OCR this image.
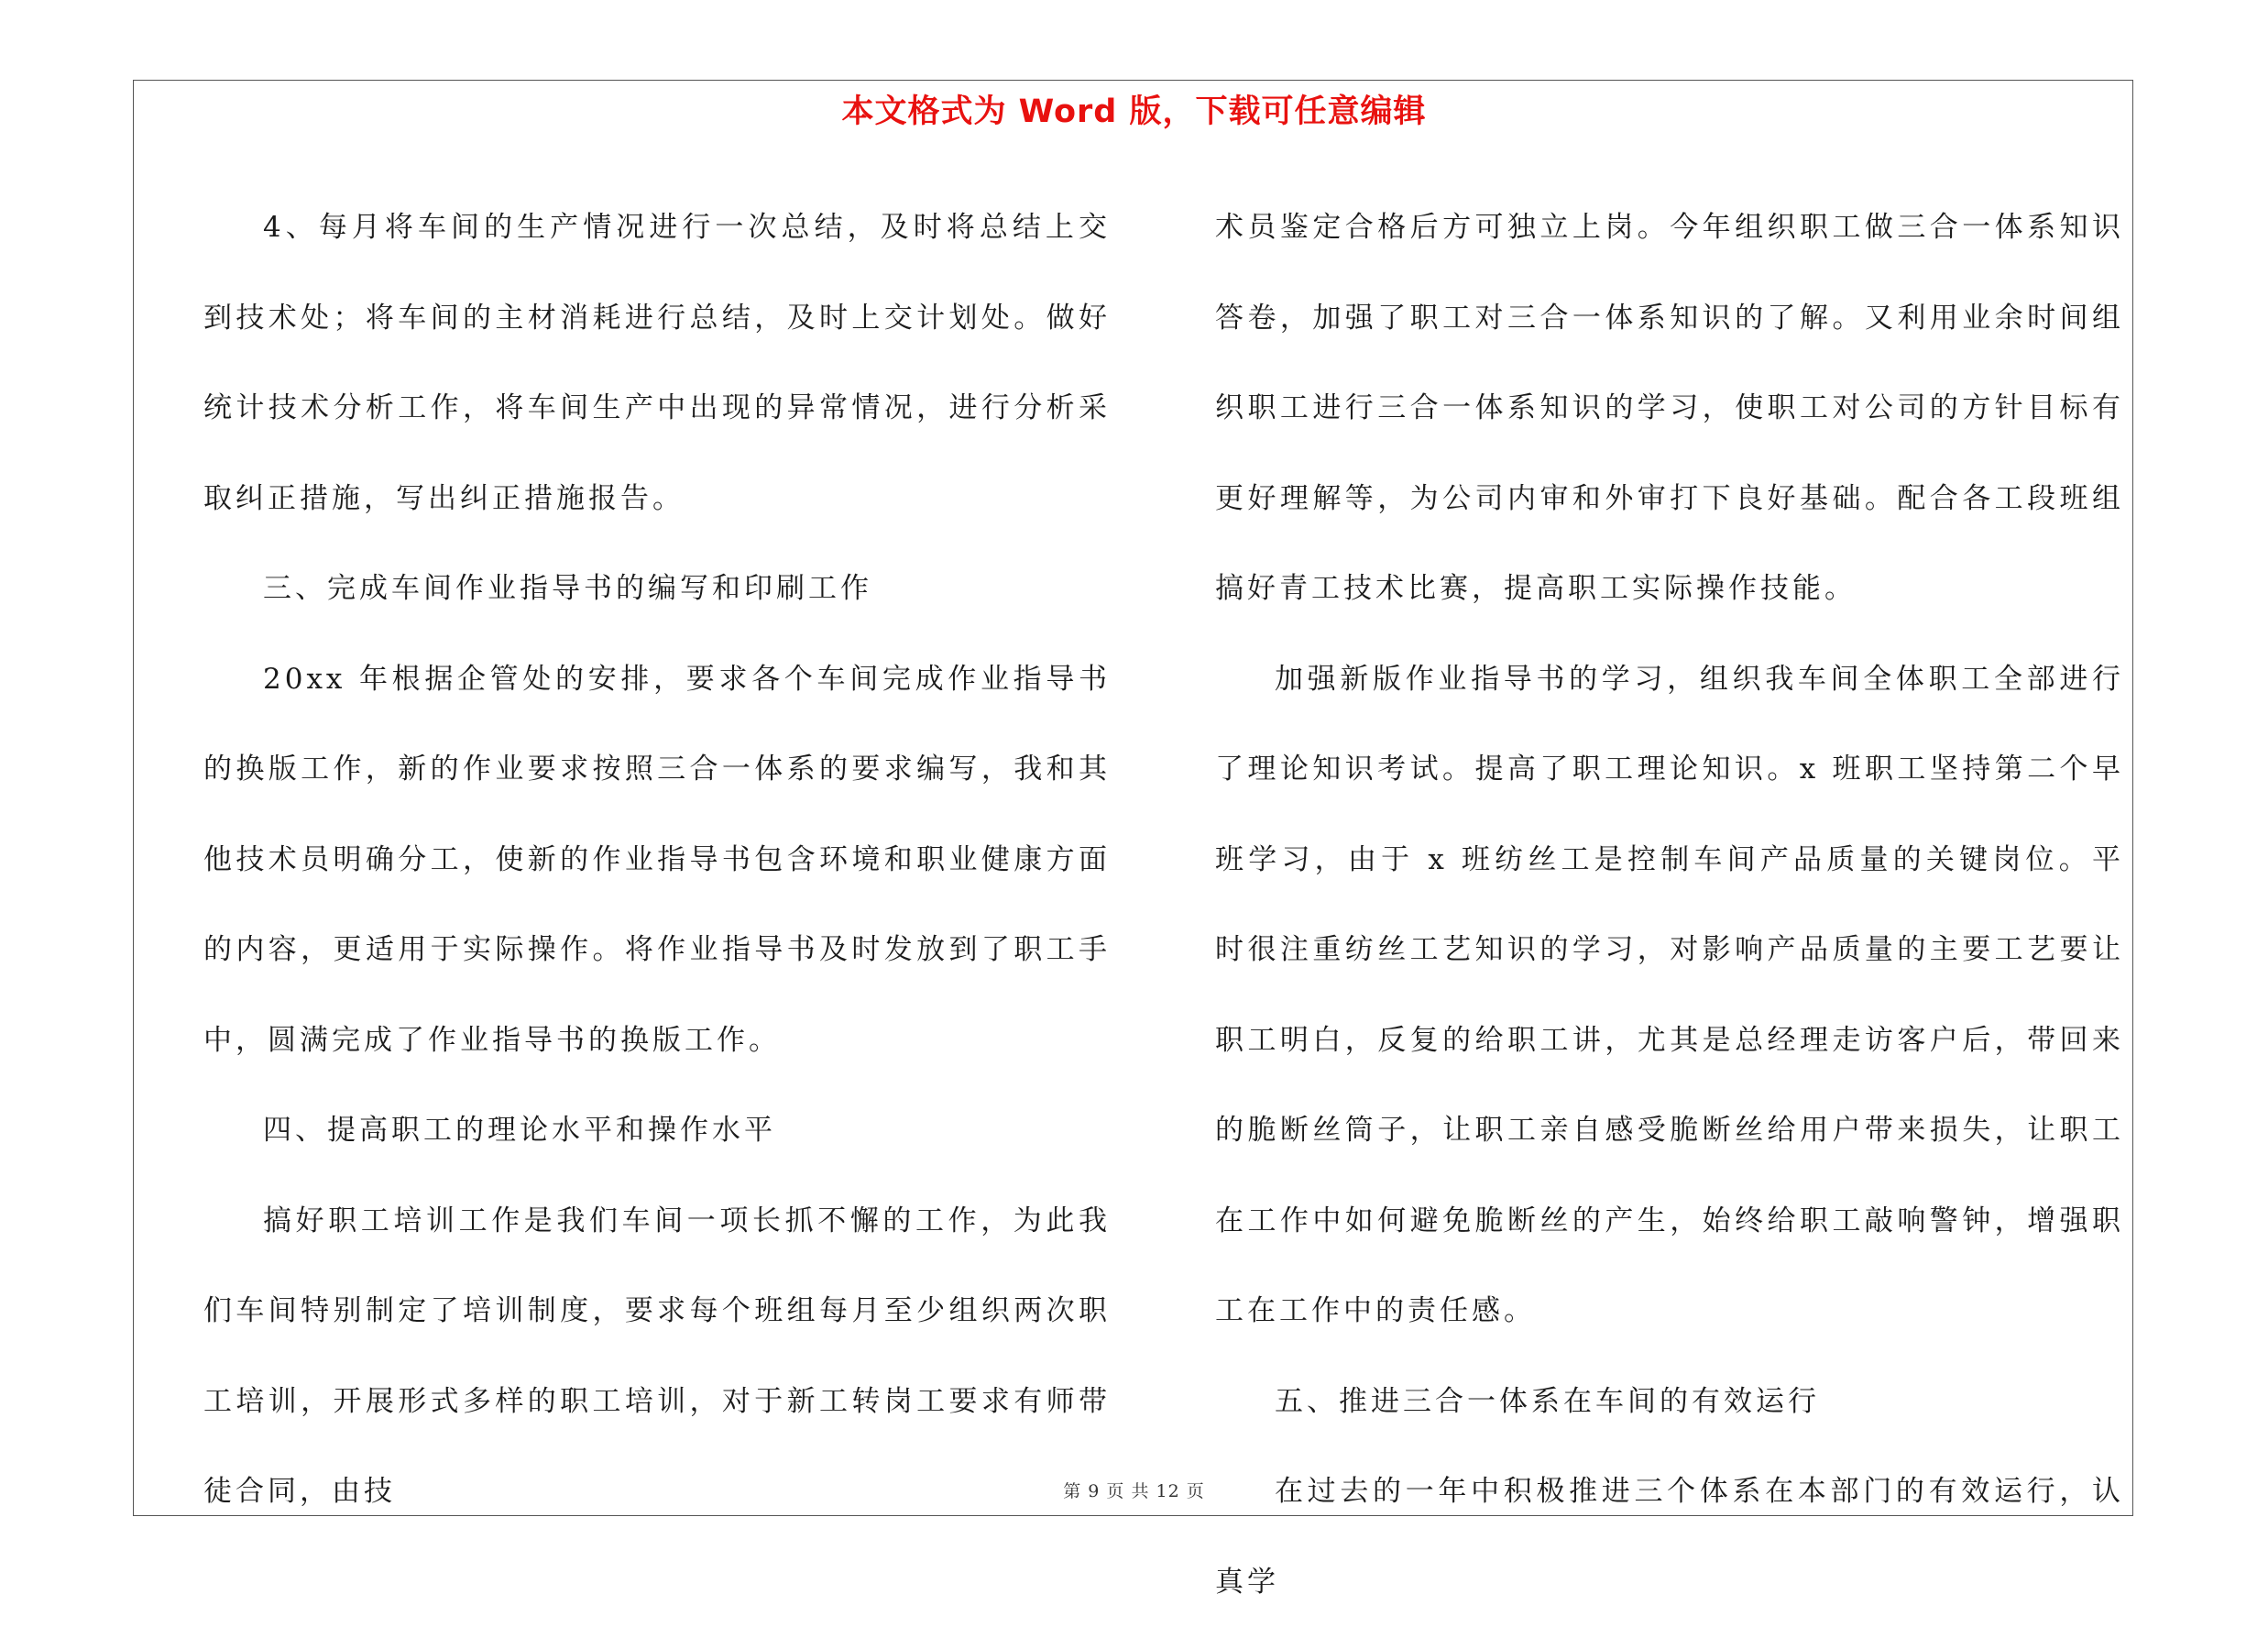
本文格式为 Word 版，下载可任意编辑

4、每月将车间的生产情况进行一次总结，及时将总结上交到技术处；将车间的主材消耗进行总结，及时上交计划处。做好统计技术分析工作，将车间生产中出现的异常情况，进行分析采取纠正措施，写出纠正措施报告。

三、完成车间作业指导书的编写和印刷工作

20xx 年根据企管处的安排，要求各个车间完成作业指导书的换版工作，新的作业要求按照三合一体系的要求编写，我和其他技术员明确分工，使新的作业指导书包含环境和职业健康方面的内容，更适用于实际操作。将作业指导书及时发放到了职工手中，圆满完成了作业指导书的换版工作。

四、提高职工的理论水平和操作水平

搞好职工培训工作是我们车间一项长抓不懈的工作，为此我们车间特别制定了培训制度，要求每个班组每月至少组织两次职工培训，开展形式多样的职工培训，对于新工转岗工要求有师带徒合同，由技

术员鉴定合格后方可独立上岗。今年组织职工做三合一体系知识答卷，加强了职工对三合一体系知识的了解。又利用业余时间组织职工进行三合一体系知识的学习，使职工对公司的方针目标有更好理解等，为公司内审和外审打下良好基础。配合各工段班组搞好青工技术比赛，提高职工实际操作技能。

加强新版作业指导书的学习，组织我车间全体职工全部进行了理论知识考试。提高了职工理论知识。x 班职工坚持第二个早班学习，由于 x 班纺丝工是控制车间产品质量的关键岗位。平时很注重纺丝工艺知识的学习，对影响产品质量的主要工艺要让职工明白，反复的给职工讲，尤其是总经理走访客户后，带回来的脆断丝筒子，让职工亲自感受脆断丝给用户带来损失，让职工在工作中如何避免脆断丝的产生，始终给职工敲响警钟，增强职工在工作中的责任感。

五、推进三合一体系在车间的有效运行

在过去的一年中积极推进三个体系在本部门的有效运行，认真学

第 9 页 共 12 页
